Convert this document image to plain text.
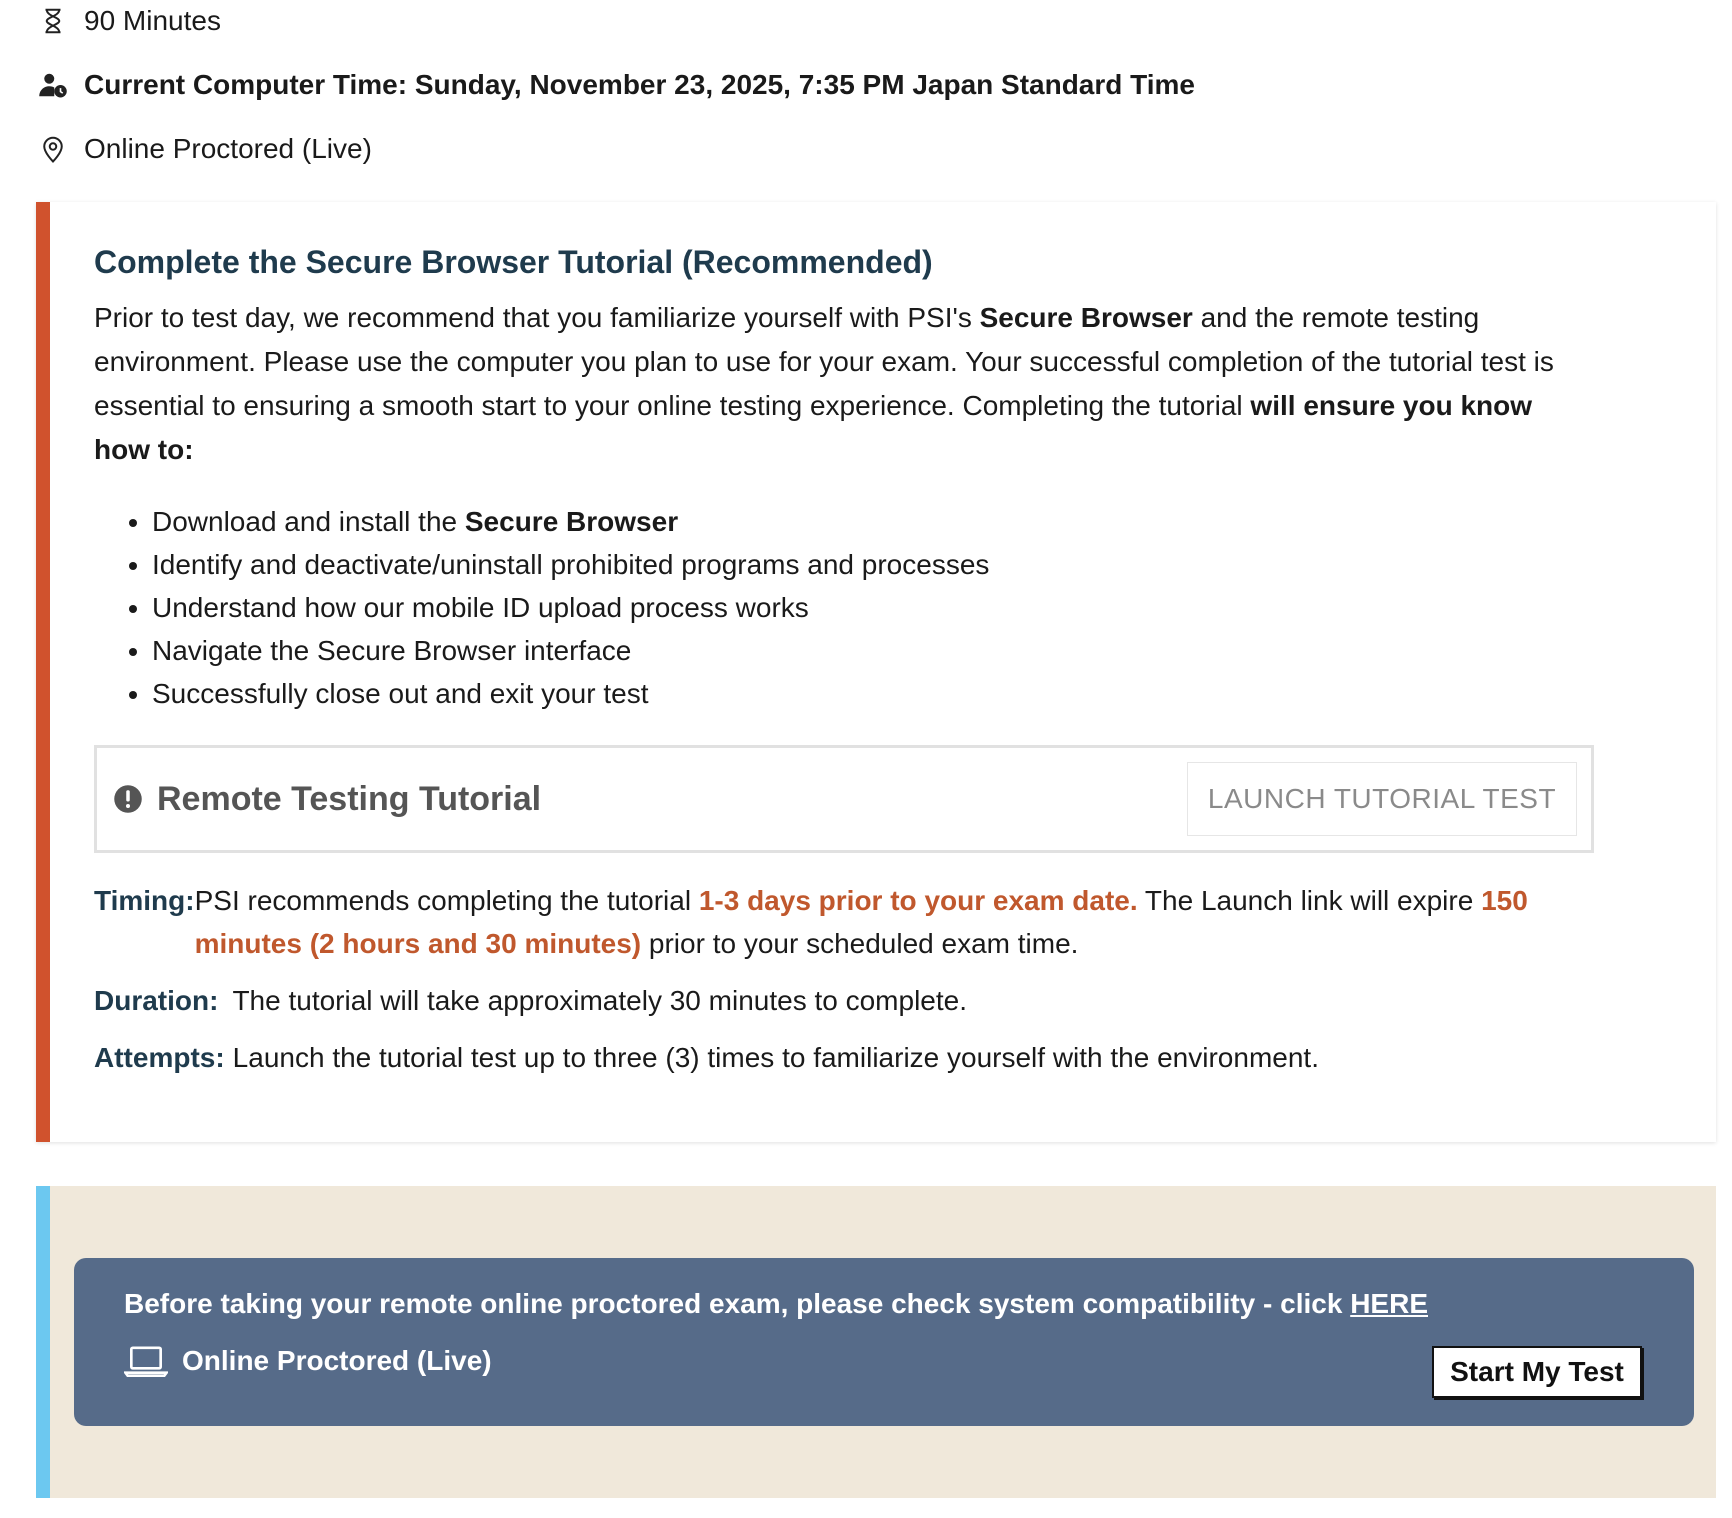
90 Minutes
Current Computer Time: Sunday, November 23, 2025, 7:35 PM Japan Standard Time
Online Proctored (Live)
Complete the Secure Browser Tutorial (Recommended)

Prior to test day, we recommend that you familiarize yourself with PSI's Secure Browser and the remote testing environment. Please use the computer you plan to use for your exam. Your successful completion of the tutorial test is essential to ensuring a smooth start to your online testing experience. Completing the tutorial will ensure you know how to:

• Download and install the Secure Browser
• Identify and deactivate/uninstall prohibited programs and processes
• Understand how our mobile ID upload process works
• Navigate the Secure Browser interface
• Successfully close out and exit your test
Remote Testing Tutorial	LAUNCH TUTORIAL TEST
Timing: PSI recommends completing the tutorial 1-3 days prior to your exam date. The Launch link will expire 150 minutes (2 hours and 30 minutes) prior to your scheduled exam time.
Duration: The tutorial will take approximately 30 minutes to complete.
Attempts: Launch the tutorial test up to three (3) times to familiarize yourself with the environment.
Before taking your remote online proctored exam, please check system compatibility - click HERE
Online Proctored (Live)	Start My Test
